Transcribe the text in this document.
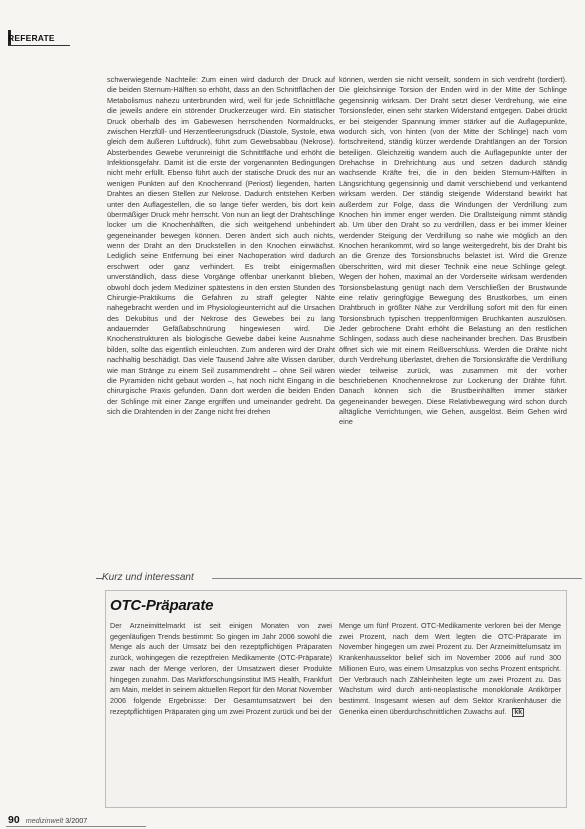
REFERATE
schwerwiegende Nachteile: Zum einen wird dadurch der Druck auf die beiden Sternum-Hälften so erhöht, dass an den Schnittflächen der Metabolismus nahezu unterbrunden wird, weil für jede Schnittfläche die jeweils andere ein störender Druckerzeuger wird. Ein statischer Druck oberhalb des im Gabewesen herrschenden Normaldrucks, zwischen Herzfüll- und Herzentleerungsdruck (Diastole, Systole, etwa gleich dem äußeren Luftdruck), führt zum Gewebsabbau (Nekrose). Absterbendes Gewebe verunreinigt die Schnittfläche und erhöht die Infektionsgefahr. Damit ist die erste der vorgenannten Bedingungen nicht mehr erfüllt. Ebenso führt auch der statische Druck des nur an wenigen Punkten auf den Knochenrand (Periost) liegenden, harten Drahtes an diesen Stellen zur Nekrose. Dadurch entstehen Kerben unter den Auflagestellen, die so lange tiefer werden, bis dort kein übermäßiger Druck mehr herrscht. Von nun an liegt der Drahtschlinge locker um die Knochenhälften, die sich weitgehend unbehindert gegeneinander bewegen können. Deren ändert sich auch nichts, wenn der Draht an den Druckstellen in den Knochen einwächst. Lediglich seine Entfernung bei einer Nachoperation wird dadurch erschwert oder ganz verhindert. Es treibt einigermaßen unverständlich, dass diese Vorgänge offenbar unerkannt blieben, obwohl doch jedem Mediziner spätestens in den ersten Stunden des Chirurgie-Praktikums die Gefahren zu straff gelegter Nähte nahegebracht werden und im Physiologieunterricht auf die Ursachen des Dekubitus und der Nekrose des Gewebes bei zu lang andauernder Gefäßabschnürung hingewiesen wird. Die Knochenstrukturen als biologische Gewebe dabei keine Ausnahme bilden, sollte das eigentlich einleuchten. Zum anderen wird der Draht nachhaltig beschädigt. Das viele Tausend Jahre alte Wissen darüber, wie man Stränge zu einem Seil zusammendreht – ohne Seil wären die Pyramiden nicht gebaut worden –, hat noch nicht Eingang in die chirurgische Praxis gefunden. Dann dort werden die beiden Enden der Schlinge mit einer Zange ergriffen und umeinander gedreht. Da sich die Drahtenden in der Zange nicht frei drehen
können, werden sie nicht verseilt, sondern in sich verdreht (tordiert). Die gleichsinnige Torsion der Enden wird in der Mitte der Schlinge gegensinnig wirksam. Der Draht setzt dieser Verdrehung, wie eine Torsionsfeder, einen sehr starken Widerstand entgegen. Dabei drückt er bei steigender Spannung immer stärker auf die Auflagepunkte, wodurch sich, von hinten (von der Mitte der Schlinge) nach vorn fortschreitend, ständig kürzer werdende Drahtlängen an der Torsion beteiligen. Gleichzeitig wandern auch die Auflagepunkte unter der Drehachse in Drehrichtung aus und setzen dadurch ständig wachsende Kräfte frei, die in den beiden Sternum-Hälften in Längsrichtung gegensinnig und damit verschiebend und verkantend wirksam werden. Der ständig steigende Widerstand bewirkt hat außerdem zur Folge, dass die Windungen der Verdrillung zum Knochen hin immer enger werden. Die Drallsteigung nimmt ständig ab. Um über den Draht so zu verdrillen, dass er bei immer kleiner werdender Steigung der Verdrillung so nahe wie möglich an den Knochen herankommt, wird so lange weitergedreht, bis der Draht bis an die Grenze des Torsionsbruchs belastet ist. Wird die Grenze überschritten, wird mit dieser Technik eine neue Schlinge gelegt. Wegen der hohen, maximal an der Vorderseite wirksam werdenden Torsionsbelastung genügt nach dem Verschließen der Brustwunde eine relativ geringfügige Bewegung des Brustkorbes, um einen Drahtbruch in größter Nähe zur Verdrillung sofort mit den für einen Torsionsbruch typischen treppenförmigen Bruchkanten auszulösen. Jeder gebrochene Draht erhöht die Belastung an den restlichen Schlingen, sodass auch diese nacheinander brechen. Das Brustbein öffnet sich wie mit einem Reißverschluss. Werden die Drähte nicht durch Verdrehung überlastet, drehen die Torsionskräfte die Verdrillung wieder teilweise zurück, was zusammen mit der vorher beschriebenen Knochennekrose zur Lockerung der Drähte führt. Danach können sich die Brustbeinhälften immer stärker gegeneinander bewegen. Diese Relativbewegung wird schon durch alltägliche Verrichtungen, wie Gehen, ausgelöst. Beim Gehen wird eine
Kurz und interessant
OTC-Präparate
Der Arzneimittelmarkt ist seit einigen Monaten von zwei gegenläufigen Trends bestimmt: So gingen im Jahr 2006 sowohl die Menge als auch der Umsatz bei den rezeptpflichtigen Präparaten zurück, wohingegen die rezeptfreien Medikamente (OTC-Präparate) zwar nach der Menge verloren, der Umsatzwert dieser Produkte hingegen zunahm. Das Marktforschungsinstitut IMS Health, Frankfurt am Main, meldet in seinem aktuellen Report für den Monat November 2006 folgende Ergebnisse: Der Gesamtumsatzwert bei den rezeptpflichtigen Präparaten ging um zwei Prozent zurück und bei der
Menge um fünf Prozent. OTC-Medikamente verloren bei der Menge zwei Prozent, nach dem Wert legten die OTC-Präparate im November hingegen um zwei Prozent zu. Der Arzneimittelumsatz im Krankenhaussektor belief sich im November 2006 auf rund 300 Millionen Euro, was einem Umsatzplus von sechs Prozent entspricht. Der Verbrauch nach Zähleinheiten legte um zwei Prozent zu. Das Wachstum wird durch anti-neoplastische monoklonale Antikörper bestimmt. Insgesamt wiesen auf dem Sektor Krankenhäuser die Generika einen überdurchschnittlichen Zuwachs auf. kk
90 medizinwelt 3/2007
